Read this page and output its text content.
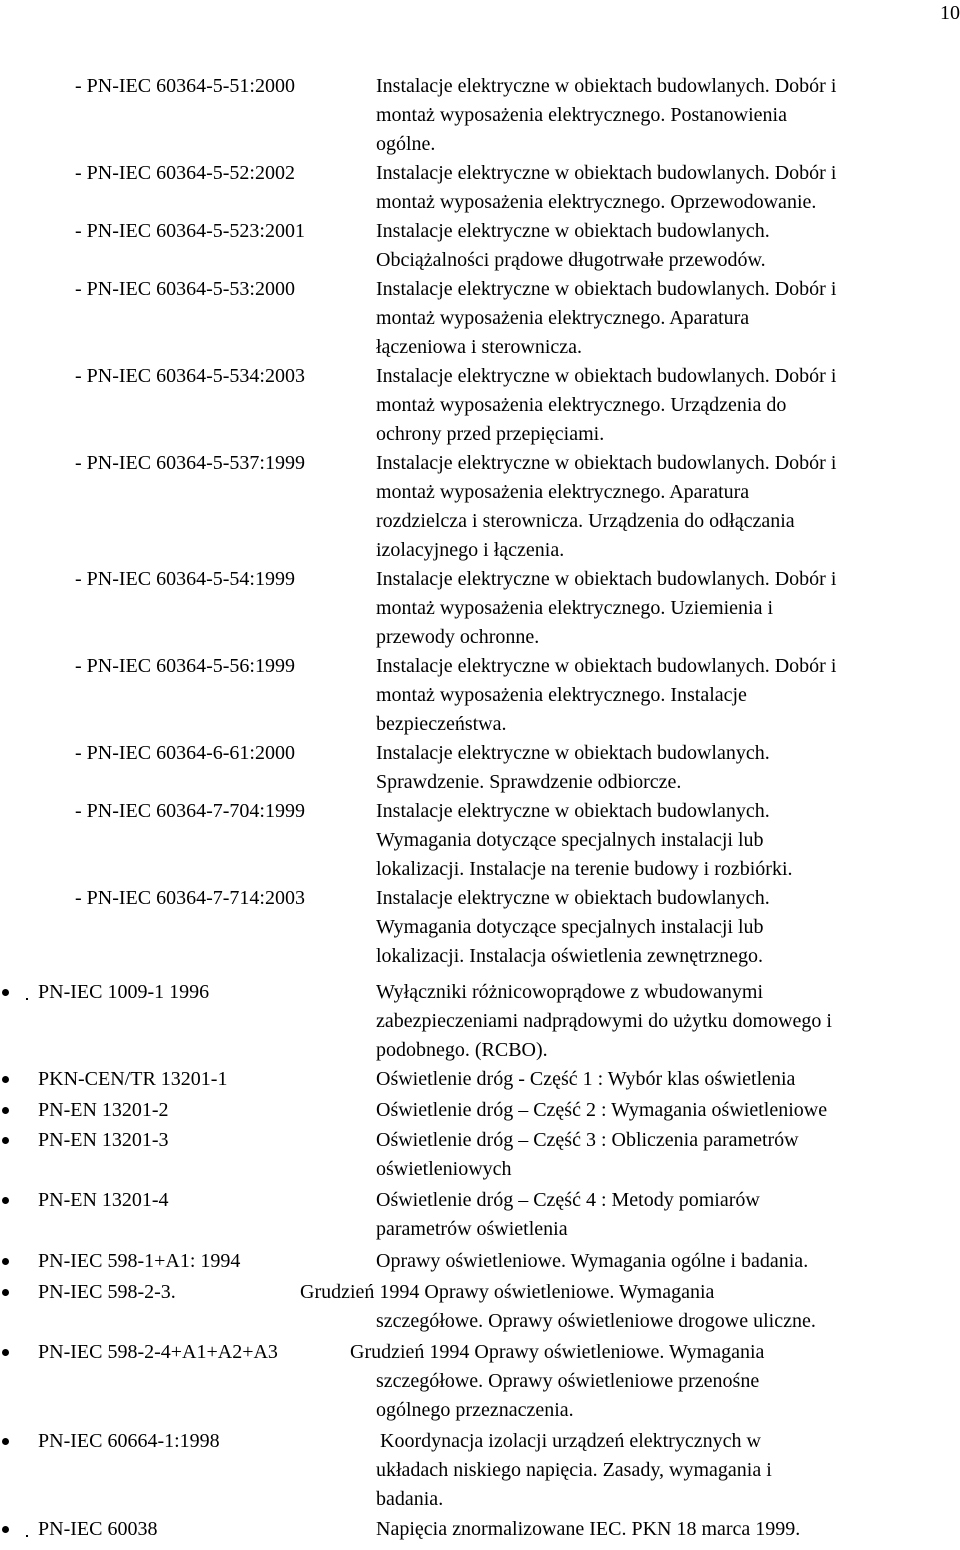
10
- PN-IEC 60364-5-51:2000	Instalacje elektryczne w obiektach budowlanych. Dobór i
montaż wyposażenia elektrycznego. Postanowienia
ogólne.
- PN-IEC 60364-5-52:2002	Instalacje elektryczne w obiektach budowlanych. Dobór i
montaż wyposażenia elektrycznego. Oprzewodowanie.
- PN-IEC 60364-5-523:2001	Instalacje elektryczne w obiektach budowlanych.
Obciążalności prądowe długotrwałe przewodów.
- PN-IEC 60364-5-53:2000	Instalacje elektryczne w obiektach budowlanych. Dobór i
montaż wyposażenia elektrycznego. Aparatura
łączeniowa i sterownicza.
- PN-IEC 60364-5-534:2003	Instalacje elektryczne w obiektach budowlanych. Dobór i
montaż wyposażenia elektrycznego. Urządzenia do
ochrony przed przepięciami.
- PN-IEC 60364-5-537:1999	Instalacje elektryczne w obiektach budowlanych. Dobór i
montaż wyposażenia elektrycznego. Aparatura
rozdzielcza i sterownicza. Urządzenia do odłączania
izolacyjnego i łączenia.
- PN-IEC 60364-5-54:1999	Instalacje elektryczne w obiektach budowlanych. Dobór i
montaż wyposażenia elektrycznego. Uziemienia i
przewody ochronne.
- PN-IEC 60364-5-56:1999	Instalacje elektryczne w obiektach budowlanych. Dobór i
montaż wyposażenia elektrycznego. Instalacje
bezpieczeństwa.
- PN-IEC 60364-6-61:2000	Instalacje elektryczne w obiektach budowlanych.
Sprawdzenie. Sprawdzenie odbiorcze.
- PN-IEC 60364-7-704:1999	Instalacje elektryczne w obiektach budowlanych.
Wymagania dotyczące specjalnych instalacji lub
lokalizacji. Instalacje na terenie budowy i rozbiórki.
- PN-IEC 60364-7-714:2003	Instalacje elektryczne w obiektach budowlanych.
Wymagania dotyczące specjalnych instalacji lub
lokalizacji. Instalacja oświetlenia zewnętrznego.
PN-IEC 1009-1 1996	Wyłączniki różnicowoprądowe z wbudowanymi
zabezpieczeniami nadprądowymi do użytku domowego i
podobnego. (RCBO).
PKN-CEN/TR 13201-1	Oświetlenie dróg - Część 1 : Wybór klas oświetlenia
PN-EN 13201-2	Oświetlenie dróg – Część 2 : Wymagania oświetleniowe
PN-EN 13201-3	Oświetlenie dróg – Część 3 : Obliczenia parametrów
oświetleniowych
PN-EN 13201-4	Oświetlenie dróg – Część 4 : Metody pomiarów
parametrów oświetlenia
PN-IEC 598-1+A1: 1994	Oprawy oświetleniowe. Wymagania ogólne i badania.
PN-IEC 598-2-3.	Grudzień 1994 Oprawy oświetleniowe. Wymagania
szczegółowe. Oprawy oświetleniowe drogowe uliczne.
PN-IEC 598-2-4+A1+A2+A3	Grudzień 1994 Oprawy oświetleniowe. Wymagania
szczegółowe. Oprawy oświetleniowe przenośne
ogólnego przeznaczenia.
PN-IEC 60664-1:1998	Koordynacja izolacji urządzeń elektrycznych w
układach niskiego napięcia. Zasady, wymagania i
badania.
PN-IEC 60038	Napięcia znormalizowane IEC. PKN 18 marca 1999.
